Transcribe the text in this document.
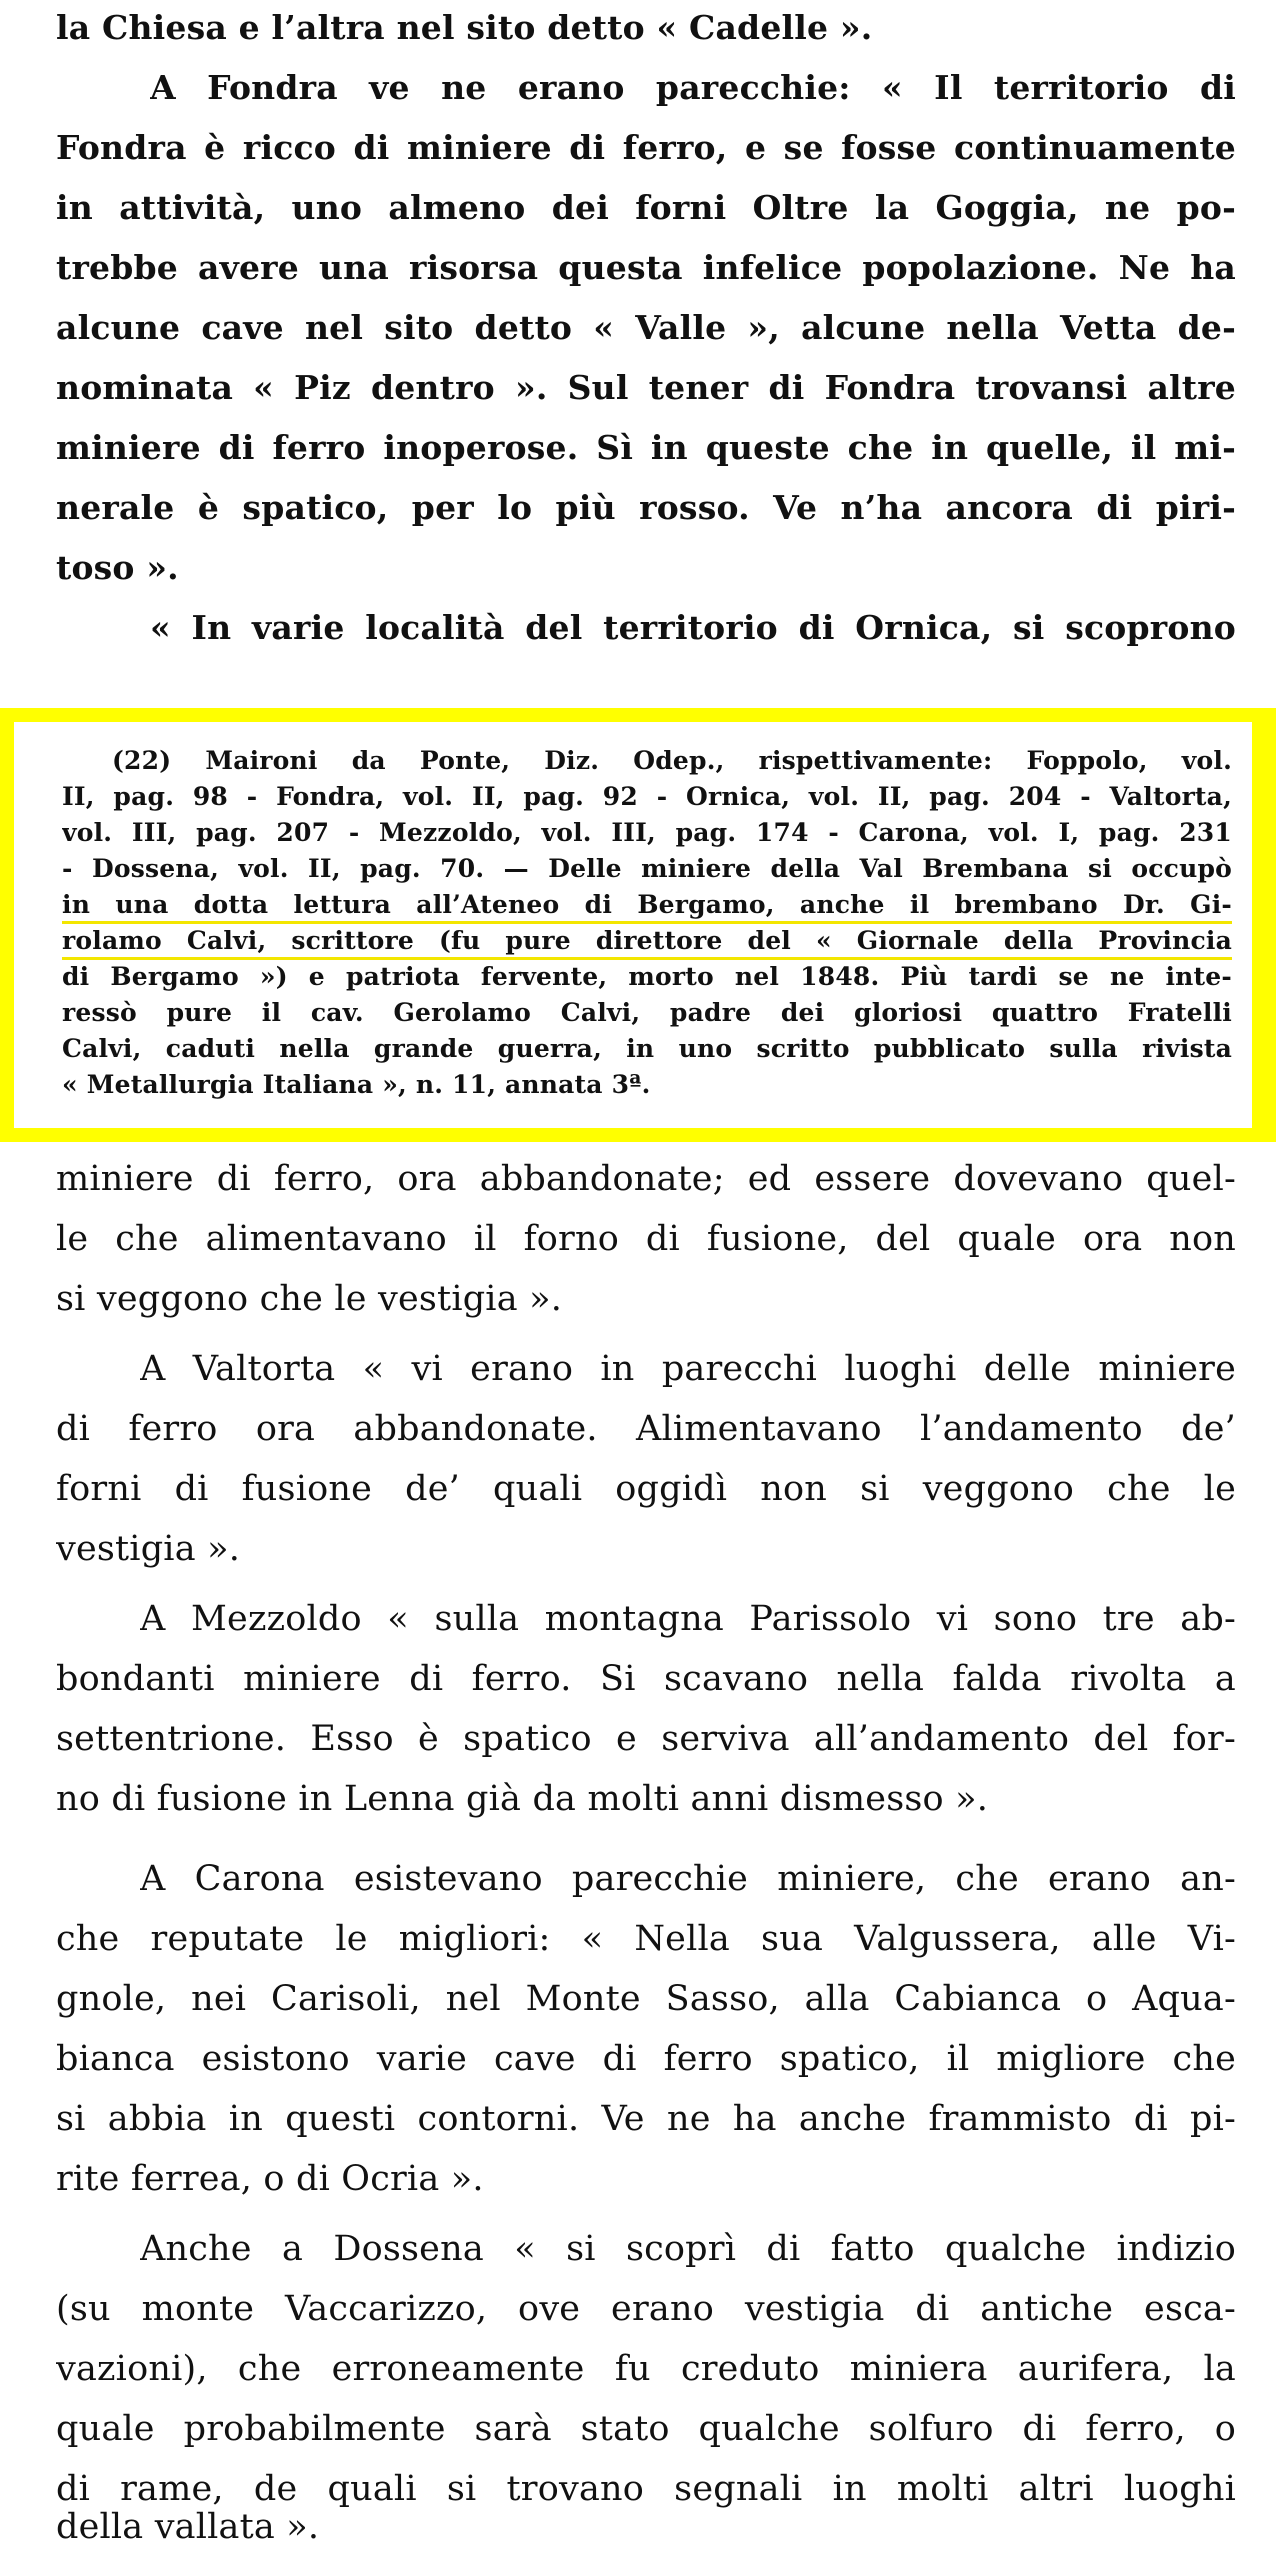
la Chiesa e l’altra nel sito detto « Cadelle ».
A Fondra ve ne erano parecchie: « Il territorio di
Fondra è ricco di miniere di ferro, e se fosse continuamente
in attività, uno almeno dei forni Oltre la Goggia, ne po-
trebbe avere una risorsa questa infelice popolazione. Ne ha
alcune cave nel sito detto « Valle », alcune nella Vetta de-
nominata « Piz dentro ». Sul tener di Fondra trovansi altre
miniere di ferro inoperose. Sì in queste che in quelle, il mi-
nerale è spatico, per lo più rosso. Ve n’ha ancora di piri-
toso ».
« In varie località del territorio di Ornica, si scoprono
(22) Maironi da Ponte, Diz. Odep., rispettivamente: Foppolo, vol.
II, pag. 98 - Fondra, vol. II, pag. 92 - Ornica, vol. II, pag. 204 - Valtorta,
vol. III, pag. 207 - Mezzoldo, vol. III, pag. 174 - Carona, vol. I, pag. 231
- Dossena, vol. II, pag. 70. — Delle miniere della Val Brembana si occupò
in una dotta lettura all’Ateneo di Bergamo, anche il brembano Dr. Gi-
rolamo Calvi, scrittore (fu pure direttore del « Giornale della Provincia
di Bergamo ») e patriota fervente, morto nel 1848. Più tardi se ne inte-
ressò pure il cav. Gerolamo Calvi, padre dei gloriosi quattro Fratelli
Calvi, caduti nella grande guerra, in uno scritto pubblicato sulla rivista
« Metallurgia Italiana », n. 11, annata 3ª.
miniere di ferro, ora abbandonate; ed essere dovevano quel-
le che alimentavano il forno di fusione, del quale ora non
si veggono che le vestigia ».
A Valtorta « vi erano in parecchi luoghi delle miniere
di ferro ora abbandonate. Alimentavano l’andamento de’
forni di fusione de’ quali oggidì non si veggono che le
vestigia ».
A Mezzoldo « sulla montagna Parissolo vi sono tre ab-
bondanti miniere di ferro. Si scavano nella falda rivolta a
settentrione. Esso è spatico e serviva all’andamento del for-
no di fusione in Lenna già da molti anni dismesso ».
A Carona esistevano parecchie miniere, che erano an-
che reputate le migliori: « Nella sua Valgussera, alle Vi-
gnole, nei Carisoli, nel Monte Sasso, alla Cabianca o Aqua-
bianca esistono varie cave di ferro spatico, il migliore che
si abbia in questi contorni. Ve ne ha anche frammisto di pi-
rite ferrea, o di Ocria ».
Anche a Dossena « si scoprì di fatto qualche indizio
(su monte Vaccarizzo, ove erano vestigia di antiche esca-
vazioni), che erroneamente fu creduto miniera aurifera, la
quale probabilmente sarà stato qualche solfuro di ferro, o
di rame, de quali si trovano segnali in molti altri luoghi
della vallata ».
